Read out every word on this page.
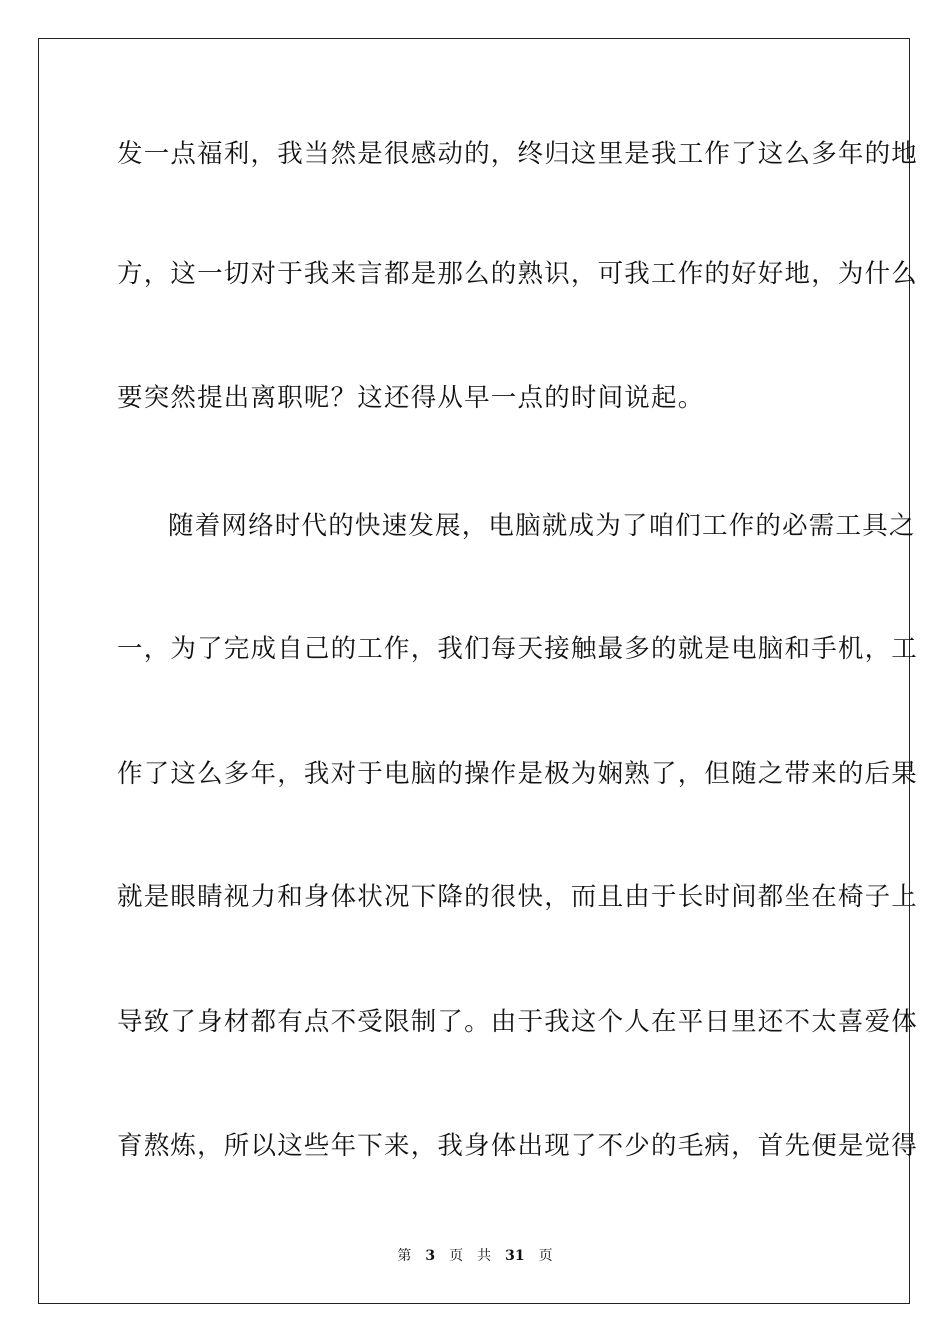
发一点福利，我当然是很感动的，终归这里是我工作了这么多年的地
方，这一切对于我来言都是那么的熟识，可我工作的好好地，为什么
要突然提出离职呢？这还得从早一点的时间说起。
随着网络时代的快速发展，电脑就成为了咱们工作的必需工具之
一，为了完成自己的工作，我们每天接触最多的就是电脑和手机，工
作了这么多年，我对于电脑的操作是极为娴熟了，但随之带来的后果
就是眼睛视力和身体状况下降的很快，而且由于长时间都坐在椅子上
导致了身材都有点不受限制了。由于我这个人在平日里还不太喜爱体
育熬炼，所以这些年下来，我身体出现了不少的毛病，首先便是觉得
第 3 页 共 31 页
